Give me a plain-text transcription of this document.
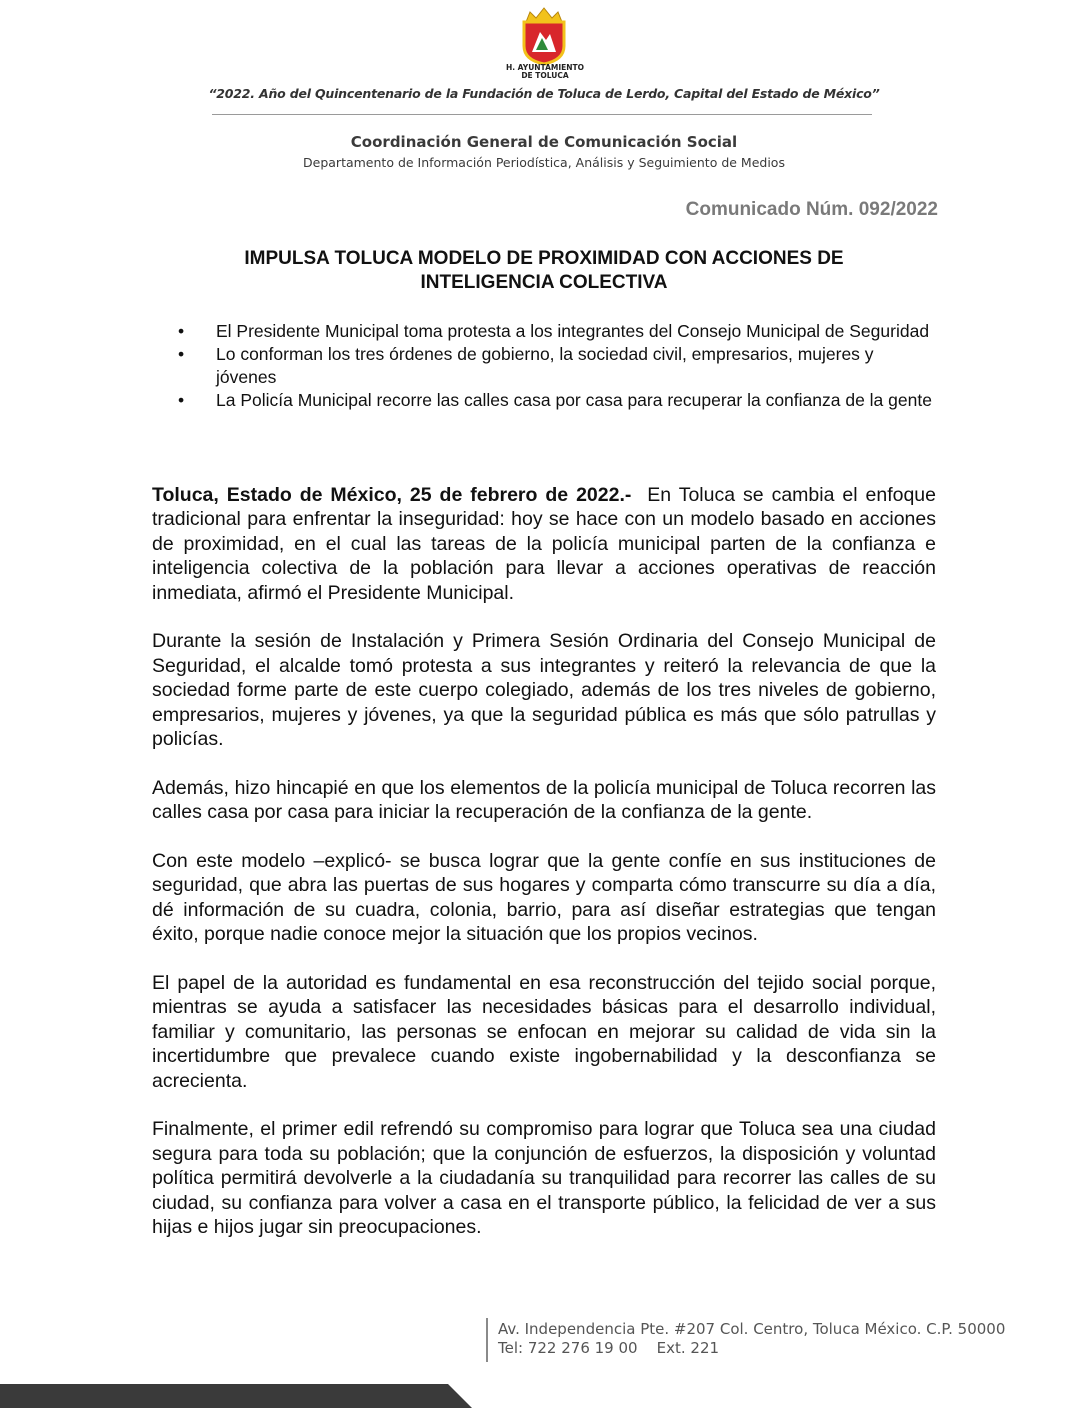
H. AYUNTAMIENTO
DE TOLUCA
“2022. Año del Quincentenario de la Fundación de Toluca de Lerdo, Capital del Estado de México”
Coordinación General de Comunicación Social
Departamento de Información Periodística, Análisis y Seguimiento de Medios
Comunicado Núm. 092/2022
IMPULSA TOLUCA MODELO DE PROXIMIDAD CON ACCIONES DE INTELIGENCIA COLECTIVA
• El Presidente Municipal toma protesta a los integrantes del Consejo Municipal de Seguridad
• Lo conforman los tres órdenes de gobierno, la sociedad civil, empresarios, mujeres y jóvenes
• La Policía Municipal recorre las calles casa por casa para recuperar la confianza de la gente

Toluca, Estado de México, 25 de febrero de 2022.- En Toluca se cambia el enfoque tradicional para enfrentar la inseguridad: hoy se hace con un modelo basado en acciones de proximidad, en el cual las tareas de la policía municipal parten de la confianza e inteligencia colectiva de la población para llevar a acciones operativas de reacción inmediata, afirmó el Presidente Municipal.

Durante la sesión de Instalación y Primera Sesión Ordinaria del Consejo Municipal de Seguridad, el alcalde tomó protesta a sus integrantes y reiteró la relevancia de que la sociedad forme parte de este cuerpo colegiado, además de los tres niveles de gobierno, empresarios, mujeres y jóvenes, ya que la seguridad pública es más que sólo patrullas y policías.

Además, hizo hincapié en que los elementos de la policía municipal de Toluca recorren las calles casa por casa para iniciar la recuperación de la confianza de la gente.

Con este modelo –explicó- se busca lograr que la gente confíe en sus instituciones de seguridad, que abra las puertas de sus hogares y comparta cómo transcurre su día a día, dé información de su cuadra, colonia, barrio, para así diseñar estrategias que tengan éxito, porque nadie conoce mejor la situación que los propios vecinos.

El papel de la autoridad es fundamental en esa reconstrucción del tejido social porque, mientras se ayuda a satisfacer las necesidades básicas para el desarrollo individual, familiar y comunitario, las personas se enfocan en mejorar su calidad de vida sin la incertidumbre que prevalece cuando existe ingobernabilidad y la desconfianza se acrecienta.

Finalmente, el primer edil refrendó su compromiso para lograr que Toluca sea una ciudad segura para toda su población; que la conjunción de esfuerzos, la disposición y voluntad política permitirá devolverle a la ciudadanía su tranquilidad para recorrer las calles de su ciudad, su confianza para volver a casa en el transporte público, la felicidad de ver a sus hijas e hijos jugar sin preocupaciones.

Av. Independencia Pte. #207 Col. Centro, Toluca México. C.P. 50000
Tel: 722 276 19 00 Ext. 221
